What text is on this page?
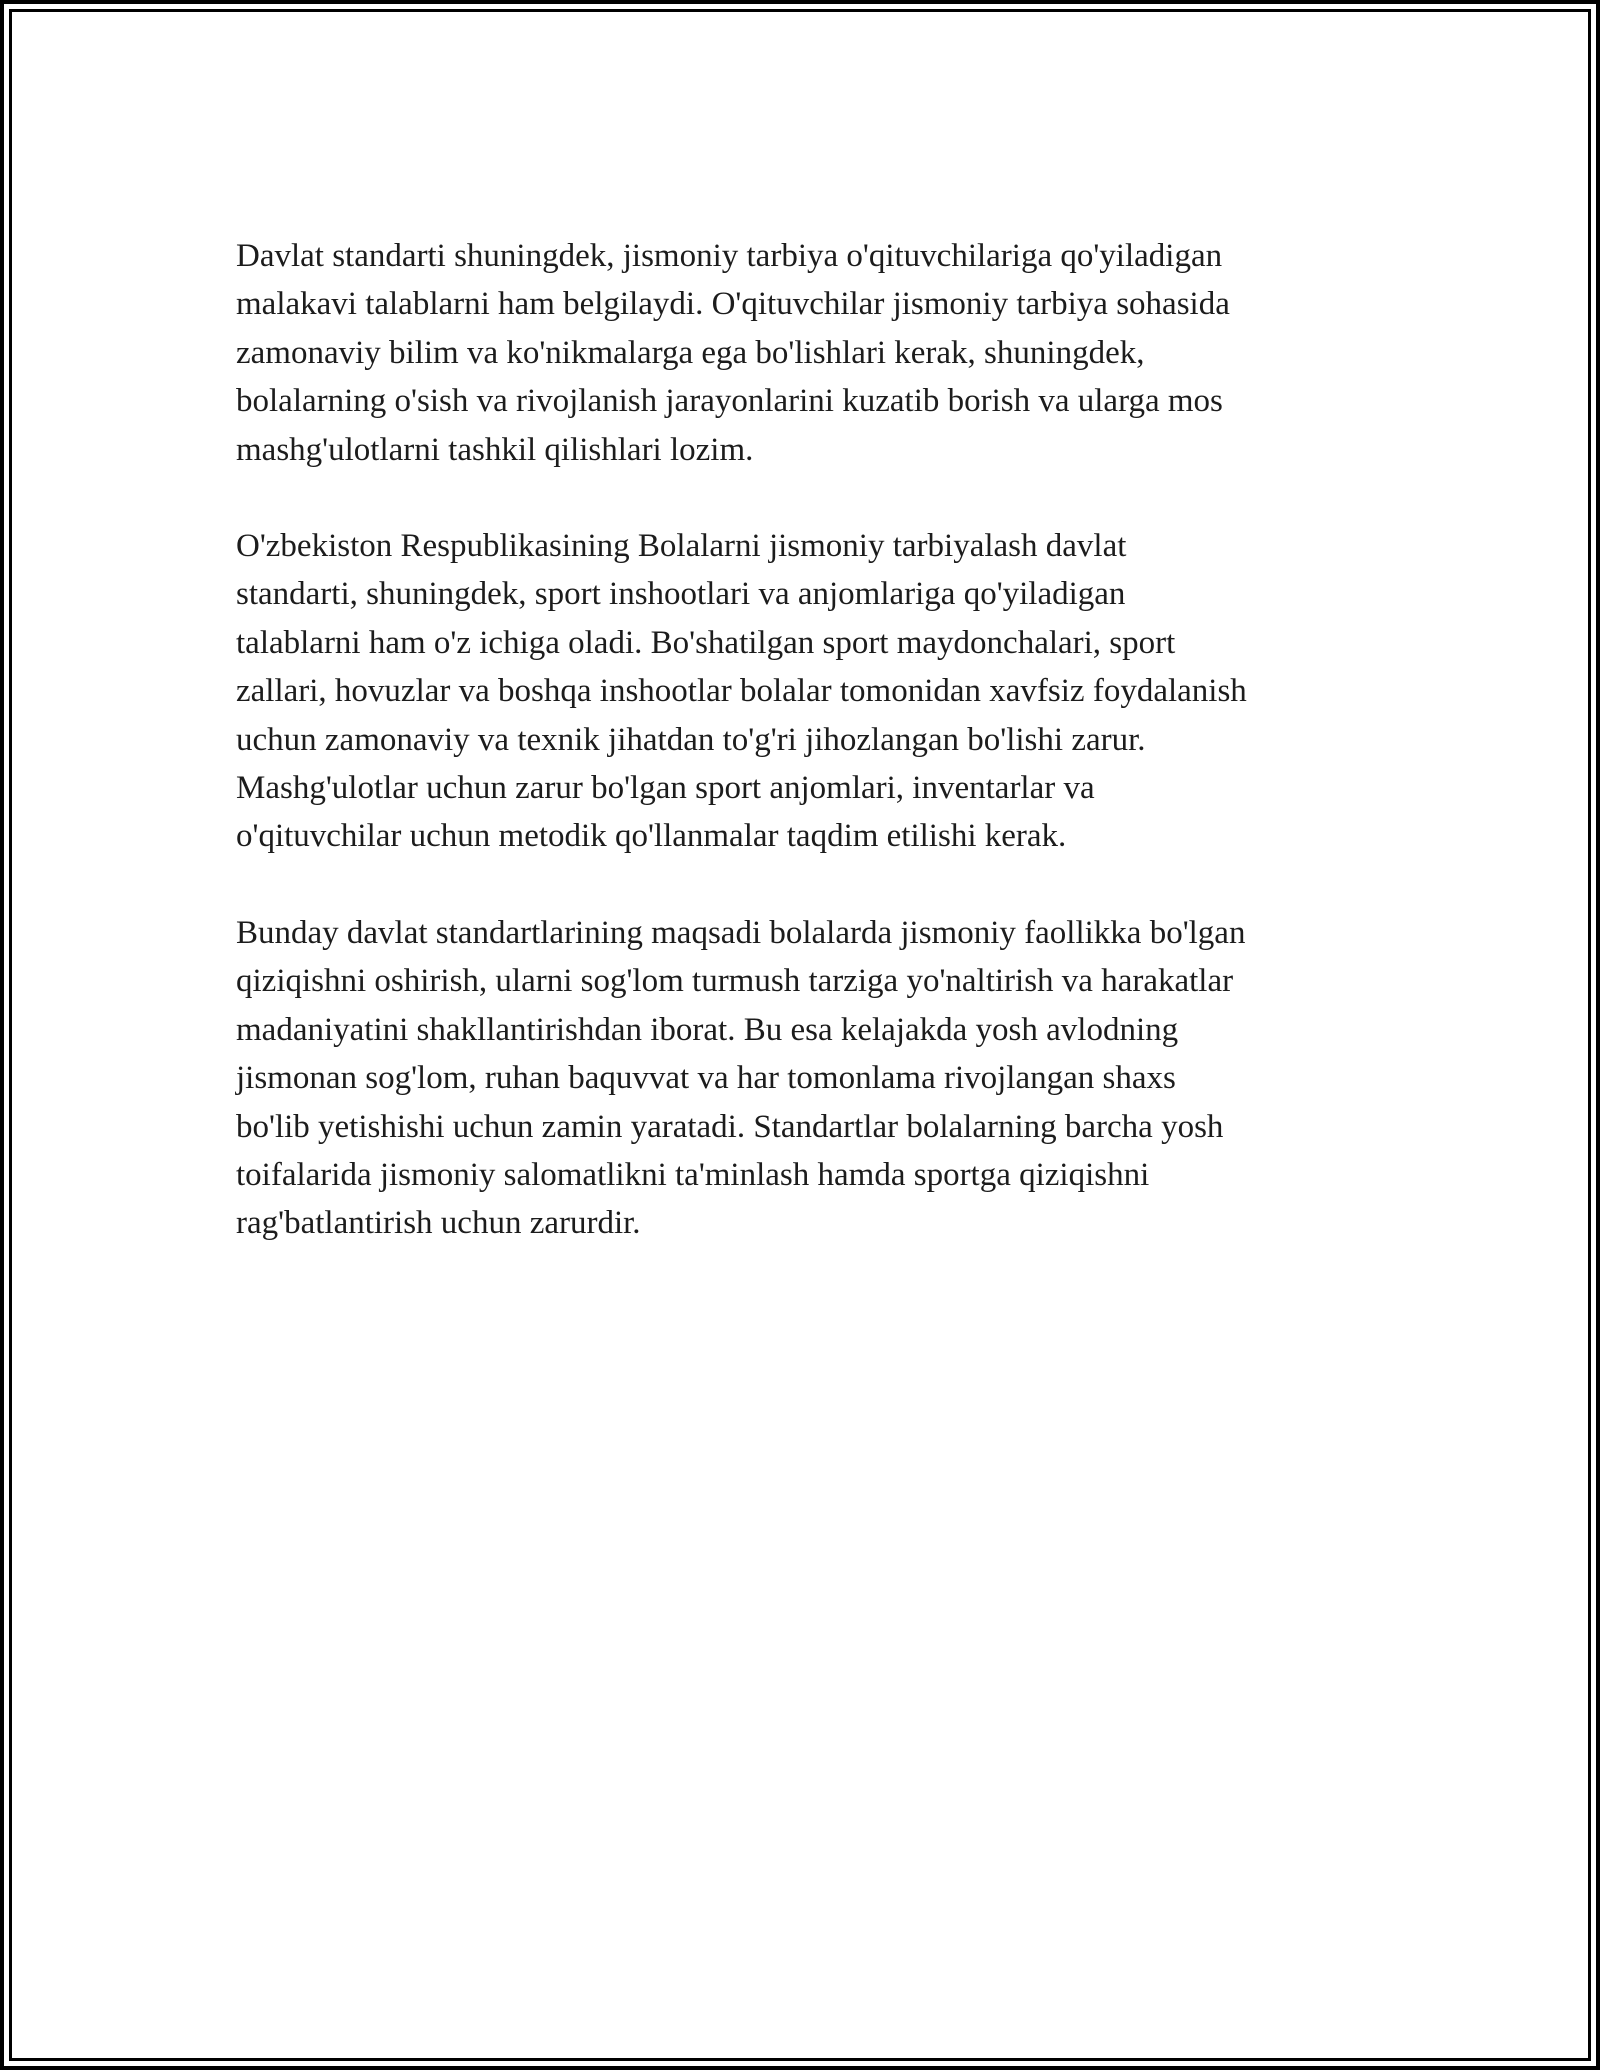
Davlat standarti shuningdek, jismoniy tarbiya o'qituvchilariga qo'yiladigan
malakavi talablarni ham belgilaydi. O'qituvchilar jismoniy tarbiya sohasida
zamonaviy bilim va ko'nikmalarga ega bo'lishlari kerak, shuningdek,
bolalarning o'sish va rivojlanish jarayonlarini kuzatib borish va ularga mos
mashg'ulotlarni tashkil qilishlari lozim.

O'zbekiston Respublikasining Bolalarni jismoniy tarbiyalash davlat
standarti, shuningdek, sport inshootlari va anjomlariga qo'yiladigan
talablarni ham o'z ichiga oladi. Bo'shatilgan sport maydonchalari, sport
zallari, hovuzlar va boshqa inshootlar bolalar tomonidan xavfsiz foydalanish
uchun zamonaviy va texnik jihatdan to'g'ri jihozlangan bo'lishi zarur.
Mashg'ulotlar uchun zarur bo'lgan sport anjomlari, inventarlar va
o'qituvchilar uchun metodik qo'llanmalar taqdim etilishi kerak.

Bunday davlat standartlarining maqsadi bolalarda jismoniy faollikka bo'lgan
qiziqishni oshirish, ularni sog'lom turmush tarziga yo'naltirish va harakatlar
madaniyatini shakllantirishdan iborat. Bu esa kelajakda yosh avlodning
jismonan sog'lom, ruhan baquvvat va har tomonlama rivojlangan shaxs
bo'lib yetishishi uchun zamin yaratadi. Standartlar bolalarning barcha yosh
toifalarida jismoniy salomatlikni ta'minlash hamda sportga qiziqishni
rag'batlantirish uchun zarurdir.
